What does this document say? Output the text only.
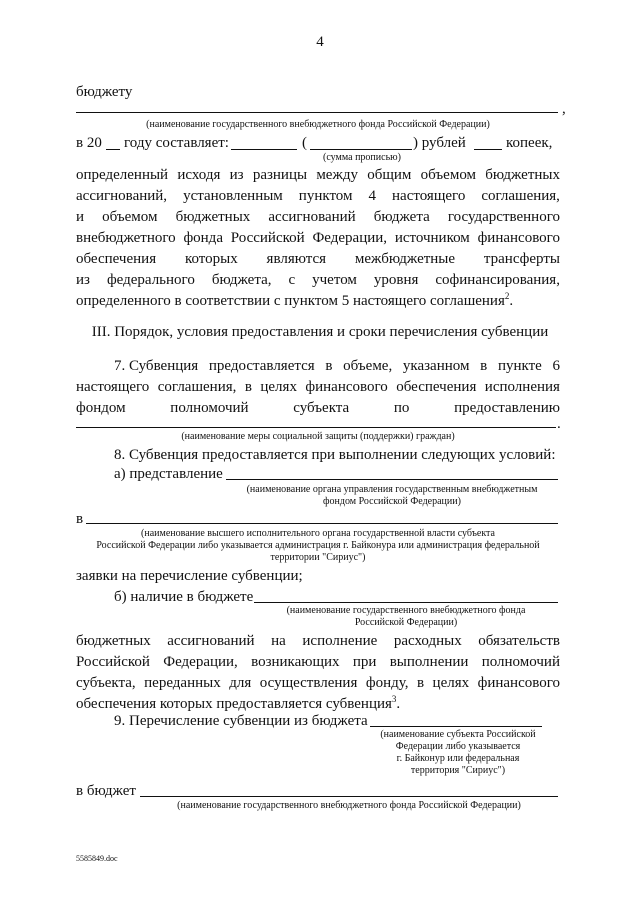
4
бюджету
,
(наименование государственного внебюджетного фонда Российской Федерации)
в 20	году составляет:	(	) рублей	копеек,
(сумма прописью)
определенный исходя из разницы между общим объемом бюджетных
ассигнований, установленным пунктом 4 настоящего соглашения,
и объемом бюджетных ассигнований бюджета государственного
внебюджетного фонда Российской Федерации, источником финансового
обеспечения которых являются межбюджетные трансферты
из федерального бюджета, с учетом уровня софинансирования,
определенного в соответствии с пунктом 5 настоящего соглашения$^2$.
III. Порядок, условия предоставления и сроки перечисления субвенции
7. Субвенция предоставляется в объеме, указанном в пункте 6
настоящего соглашения, в целях финансового обеспечения исполнения
фондом	полномочий	субъекта	по	предоставлению
.
(наименование меры социальной защиты (поддержки) граждан)
8. Субвенция предоставляется при выполнении следующих условий:
а) представление
(наименование органа управления государственным внебюджетным
фондом Российской Федерации)
в
(наименование высшего исполнительного органа государственной власти субъекта
Российской Федерации либо указывается администрация г. Байконура или администрация федеральной
территории "Сириус")
заявки на перечисление субвенции;
б) наличие в бюджете
(наименование государственного внебюджетного фонда
Российской Федерации)
бюджетных ассигнований на исполнение расходных обязательств
Российской Федерации, возникающих при выполнении полномочий
субъекта, переданных для осуществления фонду, в целях финансового
обеспечения которых предоставляется субвенция$^3$.
9. Перечисление субвенции из бюджета
(наименование субъекта Российской
Федерации либо указывается
г. Байконур или федеральная
территория "Сириус")
в бюджет
(наименование государственного внебюджетного фонда Российской Федерации)
5585849.doc
